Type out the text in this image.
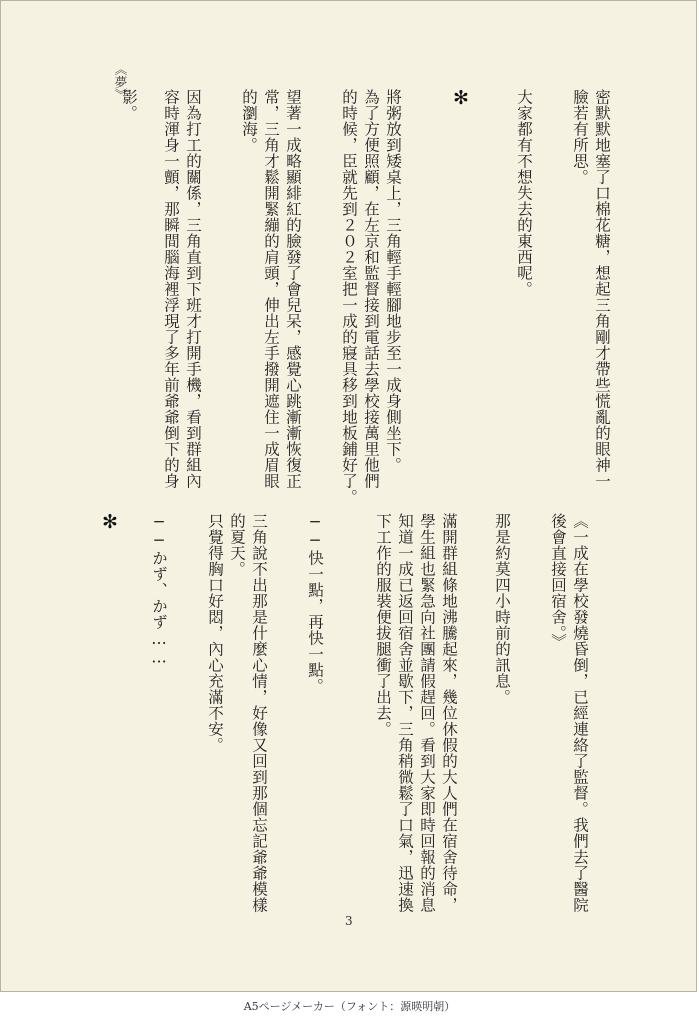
《夢》
密默默地塞了口棉花糖，想起三角剛才帶些慌亂的眼神一
臉若有所思。
大家都有不想失去的東西呢。
將粥放到矮桌上，三角輕手輕腳地步至一成身側坐下。
為了方便照顧，在左京和監督接到電話去學校接萬里他們
的時候，臣就先到２０２室把一成的寢具移到地板鋪好了。
望著一成略顯緋紅的臉發了會兒呆，感覺心跳漸漸恢復正
常，三角才鬆開緊繃的肩頭，伸出左手撥開遮住一成眉眼
的瀏海。
因為打工的關係，三角直到下班才打開手機，看到群組內
容時渾身一顫，那瞬間腦海裡浮現了多年前爺爺倒下的身
影。	✻
《一成在學校發燒昏倒，已經連絡了監督。我們去了醫院
後會直接回宿舍。》
那是約莫四小時前的訊息。
滿開群組條地沸騰起來，幾位休假的大人們在宿舍待命，
學生組也緊急向社團請假趕回。看到大家即時回報的消息
知道一成已返回宿舍並歇下，三角稍微鬆了口氣，迅速換
下工作的服裝便拔腿衝了出去。
──快一點，再快一點。
三角說不出那是什麼心情，好像又回到那個忘記爺爺模樣
的夏天。
只覺得胸口好悶，內心充滿不安。
──かず、かず……
✻
3
A5ページメーカー（フォント：源暎明朝）
